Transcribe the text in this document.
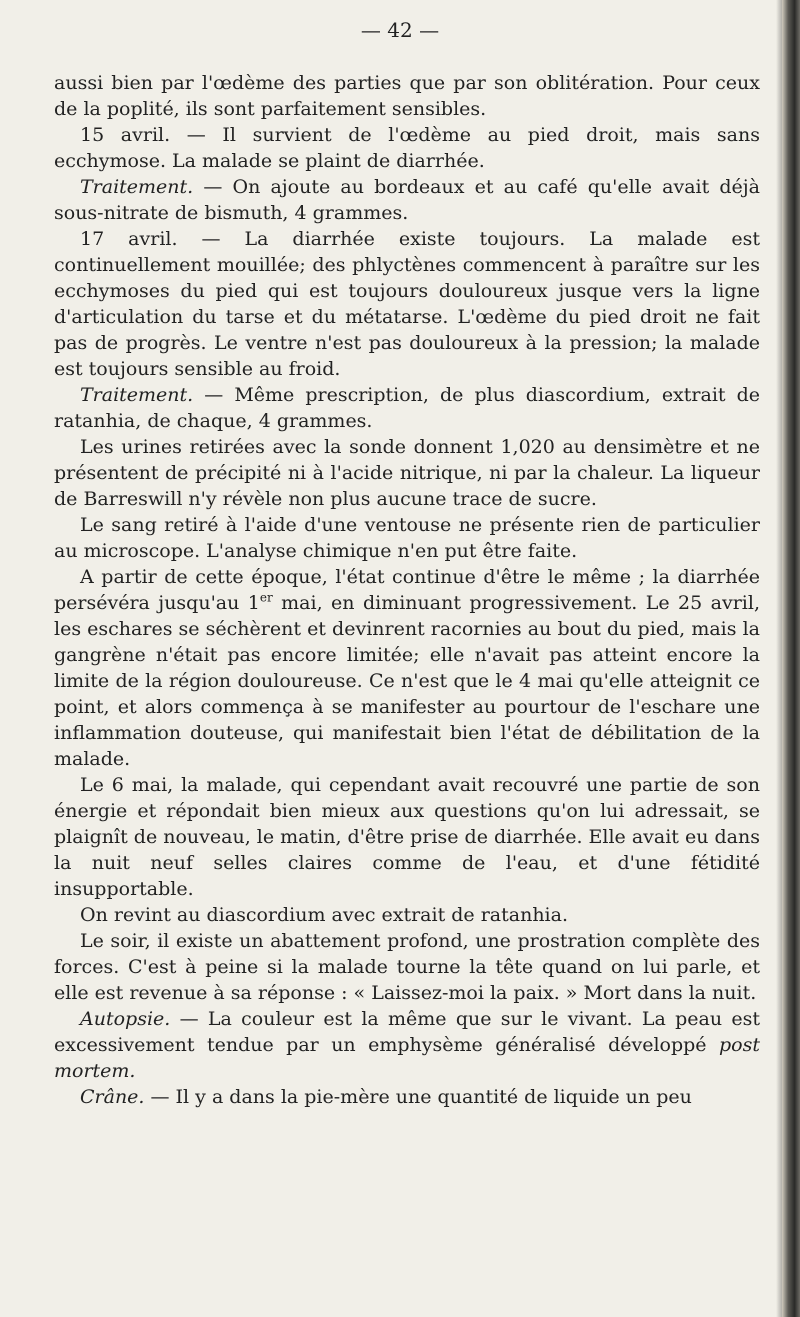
— 42 —

aussi bien par l'œdème des parties que par son oblitération. Pour ceux de la poplité, ils sont parfaitement sensibles.

15 avril. — Il survient de l'œdème au pied droit, mais sans ecchymose. La malade se plaint de diarrhée.

Traitement. — On ajoute au bordeaux et au café qu'elle avait déjà sous-nitrate de bismuth, 4 grammes.

17 avril. — La diarrhée existe toujours. La malade est continuellement mouillée; des phlyctènes commencent à paraître sur les ecchymoses du pied qui est toujours douloureux jusque vers la ligne d'articulation du tarse et du métatarse. L'œdème du pied droit ne fait pas de progrès. Le ventre n'est pas douloureux à la pression; la malade est toujours sensible au froid.

Traitement. — Même prescription, de plus diascordium, extrait de ratanhia, de chaque, 4 grammes.

Les urines retirées avec la sonde donnent 1,020 au densimètre et ne présentent de précipité ni à l'acide nitrique, ni par la chaleur. La liqueur de Barreswill n'y révèle non plus aucune trace de sucre.

Le sang retiré à l'aide d'une ventouse ne présente rien de particulier au microscope. L'analyse chimique n'en put être faite.

A partir de cette époque, l'état continue d'être le même ; la diarrhée persévéra jusqu'au 1er mai, en diminuant progressivement. Le 25 avril, les eschares se séchèrent et devinrent racornies au bout du pied, mais la gangrène n'était pas encore limitée; elle n'avait pas atteint encore la limite de la région douloureuse. Ce n'est que le 4 mai qu'elle atteignit ce point, et alors commença à se manifester au pourtour de l'eschare une inflammation douteuse, qui manifestait bien l'état de débilitation de la malade.

Le 6 mai, la malade, qui cependant avait recouvré une partie de son énergie et répondait bien mieux aux questions qu'on lui adressait, se plaignît de nouveau, le matin, d'être prise de diarrhée. Elle avait eu dans la nuit neuf selles claires comme de l'eau, et d'une fétidité insupportable.

On revint au diascordium avec extrait de ratanhia.

Le soir, il existe un abattement profond, une prostration complète des forces. C'est à peine si la malade tourne la tête quand on lui parle, et elle est revenue à sa réponse : « Laissez-moi la paix. » Mort dans la nuit.

Autopsie. — La couleur est la même que sur le vivant. La peau est excessivement tendue par un emphysème généralisé développé post mortem.

Crâne. — Il y a dans la pie-mère une quantité de liquide un peu
